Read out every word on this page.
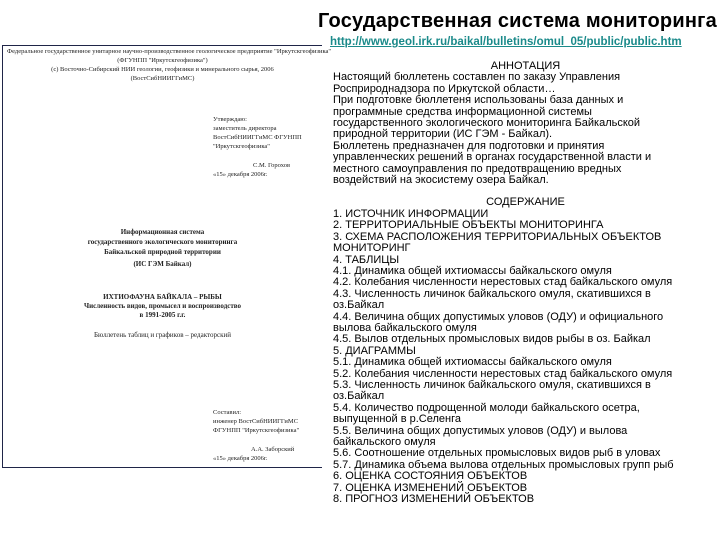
Государственная система мониторинга
http://www.geol.irk.ru/baikal/bulletins/omul_05/public/public.htm
Федеральное государственное унитарное научно-производственное геологическое предприятие "Иркутскгеофизика"
(ФГУНПП "Иркутскгеофизика")
(с) Восточно-Сибирский НИИ геологии, геофизики и минерального сырья, 2006
(ВостСибНИИГГиМС)
Утверждаю:
заместитель директора
ВостСибНИИГГиМС ФГУНПП
"Иркутскгеофизика"
С.М. Горохов
«15» декабря 2006г.
Информационная система
государственного экологического мониторинга
Байкальской природной территории
(ИС ГЭМ Байкал)
ИХТИОФАУНА БАЙКАЛА – РЫБЫ
Численность видов, промысел и воспроизводство
в 1991-2005 г.г.
Бюллетень таблиц и графиков – редакторский
Составил:
инженер ВостСибНИИГГиМС
ФГУНПП "Иркутскгеофизика"
А.А. Заборский
«15» декабря 2006г.
АННОТАЦИЯ
Настоящий бюллетень составлен по заказу Управления
Росприроднадзора по Иркутской области…
При подготовке бюллетеня использованы база данных и
программные средства информационной системы
государственного экологического мониторинга Байкальской
природной территории (ИС ГЭМ - Байкал).
Бюллетень предназначен для подготовки и принятия
управленческих решений в органах государственной власти и
местного самоуправления по предотвращению вредных
воздействий на экосистему озера Байкал.
СОДЕРЖАНИЕ
1. ИСТОЧНИК ИНФОРМАЦИИ
2. ТЕРРИТОРИАЛЬНЫЕ ОБЪЕКТЫ МОНИТОРИНГА
3. СХЕМА РАСПОЛОЖЕНИЯ ТЕРРИТОРИАЛЬНЫХ ОБЪЕКТОВ
МОНИТОРИНГ
4. ТАБЛИЦЫ
4.1. Динамика общей ихтиомассы байкальского омуля
4.2. Колебания численности нерестовых стад байкальского омуля
4.3. Численность личинок байкальского омуля, скатившихся в
оз.Байкал
4.4. Величина общих допустимых уловов (ОДУ) и официального
вылова байкальского омуля
4.5. Вылов отдельных промысловых видов рыбы в оз. Байкал
5. ДИАГРАММЫ
5.1. Динамика общей ихтиомассы байкальского омуля
5.2. Колебания численности нерестовых стад байкальского омуля
5.3. Численность личинок байкальского омуля, скатившихся в
оз.Байкал
5.4. Количество подрощенной молоди байкальского осетра,
выпущенной в р.Селенга
5.5. Величина общих допустимых уловов (ОДУ) и вылова
байкальского омуля
5.6. Соотношение отдельных промысловых видов рыб в уловах
5.7. Динамика объема вылова отдельных промысловых групп рыб
6. ОЦЕНКА СОСТОЯНИЯ ОБЪЕКТОВ
7. ОЦЕНКА ИЗМЕНЕНИЙ ОБЪЕКТОВ
8. ПРОГНОЗ ИЗМЕНЕНИЙ ОБЪЕКТОВ
